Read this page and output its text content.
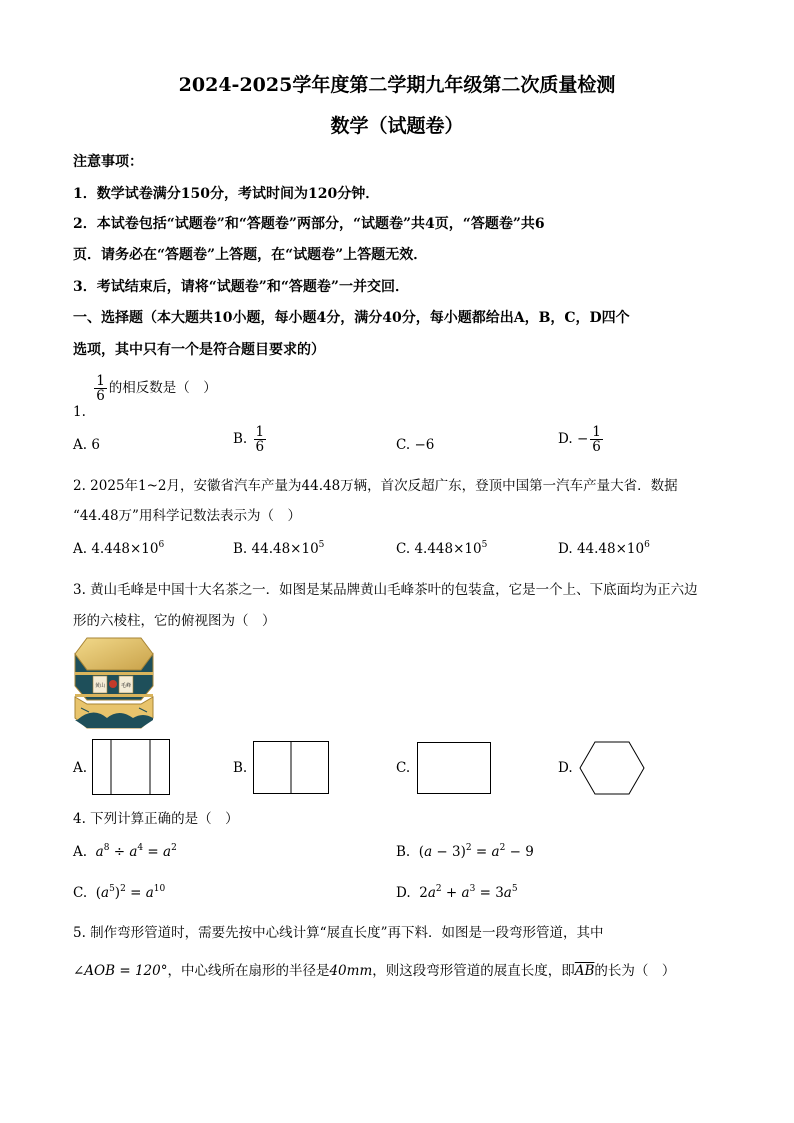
2024-2025学年度第二学期九年级第二次质量检测
数学（试题卷）
注意事项：
1．数学试卷满分150分，考试时间为120分钟．
2．本试卷包括“试题卷”和“答题卷”两部分，“试题卷”共4页，“答题卷”共6
页．请务必在“答题卷”上答题，在“试题卷”上答题无效．
3．考试结束后，请将“试题卷”和“答题卷”一并交回．
一、选择题（本大题共10小题，每小题4分，满分40分，每小题都给出A，B，C，D四个
选项，其中只有一个是符合题目要求的）
1.
$\frac{1}{6}$ 的相反数是（　）
A. 6	B. $\frac{1}{6}$	C. −6	D. − $\frac{1}{6}$
2. 2025年1~2月，安徽省汽车产量为44.48万辆，首次反超广东，登顶中国第一汽车产量大省．数据
“44.48万”用科学记数法表示为（　）
A. $4.448\times 10^6$	B. $44.48\times 10^5$	C. $4.448\times 10^5$	D. $44.48\times 10^6$
3. 黄山毛峰是中国十大名茶之一．如图是某品牌黄山毛峰茶叶的包装盒，它是一个上、下底面均为正六边
形的六棱柱，它的俯视图为（　）
黄山	毛峰
A.	B.	C.	D.
4. 下列计算正确的是（　）
A. $a^8 \div a^4 = a^2$	B.  $(a - 3)^2 = a^2 - 9$
C.  $(a^5)^2 = a^{10}$	D.  $2a^2 + a^3 = 3a^5$
5. 制作弯形管道时，需要先按中心线计算“展直长度”再下料．如图是一段弯形管道，其中
∠AOB = 120°，中心线所在扇形的半径是40mm，则这段弯形管道的展直长度，即$\overline{AB}$的长为（　）
